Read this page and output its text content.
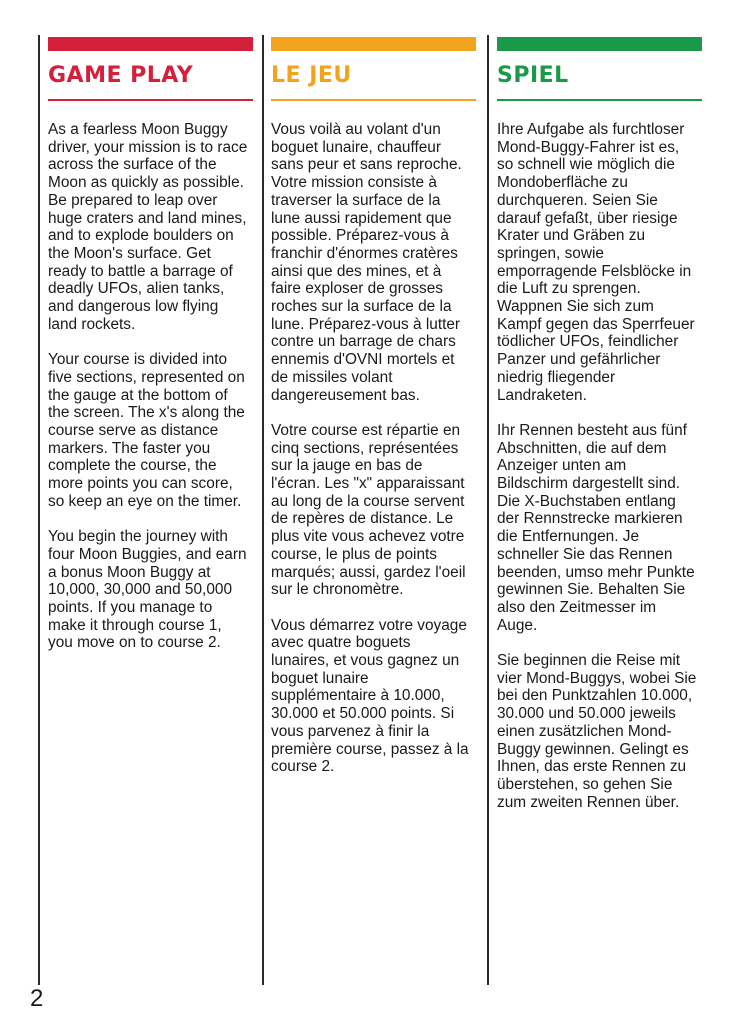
GAME PLAY

As a fearless Moon Buggy driver, your mission is to race across the surface of the Moon as quickly as possible. Be prepared to leap over huge craters and land mines, and to explode boulders on the Moon's surface. Get ready to battle a barrage of deadly UFOs, alien tanks, and dangerous low flying land rockets.

Your course is divided into five sections, represented on the gauge at the bottom of the screen. The x's along the course serve as distance markers. The faster you complete the course, the more points you can score, so keep an eye on the timer.

You begin the journey with four Moon Buggies, and earn a bonus Moon Buggy at 10,000, 30,000 and 50,000 points. If you manage to make it through course 1, you move on to course 2.

LE JEU

Vous voilà au volant d'un boguet lunaire, chauffeur sans peur et sans reproche. Votre mission consiste à traverser la surface de la lune aussi rapidement que possible. Préparez-vous à franchir d'énormes cratères ainsi que des mines, et à faire exploser de grosses roches sur la surface de la lune. Préparez-vous à lutter contre un barrage de chars ennemis d'OVNI mortels et de missiles volant dangereusement bas.

Votre course est répartie en cinq sections, représentées sur la jauge en bas de l'écran. Les "x" apparaissant au long de la course servent de repères de distance. Le plus vite vous achevez votre course, le plus de points marqués; aussi, gardez l'oeil sur le chronomètre.

Vous démarrez votre voyage avec quatre boguets lunaires, et vous gagnez un boguet lunaire supplémentaire à 10.000, 30.000 et 50.000 points. Si vous parvenez à finir la première course, passez à la course 2.

SPIEL

Ihre Aufgabe als furchtloser Mond-Buggy-Fahrer ist es, so schnell wie möglich die Mondoberfläche zu durchqueren. Seien Sie darauf gefaßt, über riesige Krater und Gräben zu springen, sowie emporragende Felsblöcke in die Luft zu sprengen. Wappnen Sie sich zum Kampf gegen das Sperrfeuer tödlicher UFOs, feindlicher Panzer und gefährlicher niedrig fliegender Landraketen.

Ihr Rennen besteht aus fünf Abschnitten, die auf dem Anzeiger unten am Bildschirm dargestellt sind. Die X-Buchstaben entlang der Rennstrecke markieren die Entfernungen. Je schneller Sie das Rennen beenden, umso mehr Punkte gewinnen Sie. Behalten Sie also den Zeitmesser im Auge.

Sie beginnen die Reise mit vier Mond-Buggys, wobei Sie bei den Punktzahlen 10.000, 30.000 und 50.000 jeweils einen zusätzlichen Mond-Buggy gewinnen. Gelingt es Ihnen, das erste Rennen zu überstehen, so gehen Sie zum zweiten Rennen über.

2
